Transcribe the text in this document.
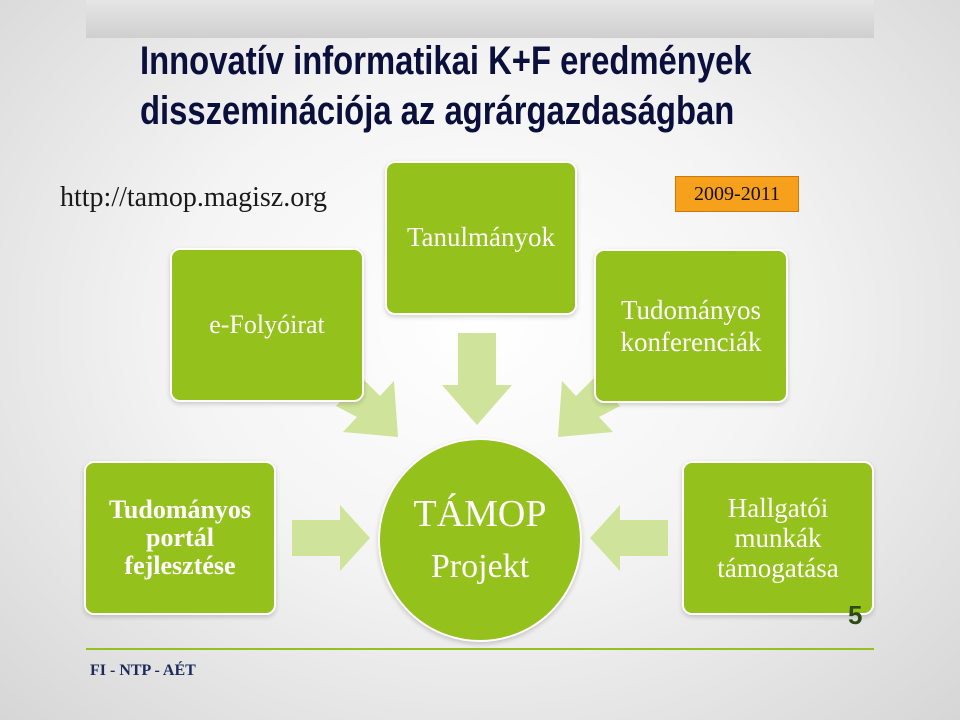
Innovatív informatikai K+F eredmények
disszeminációja az agrárgazdaságban
http://tamop.magisz.org	2009-2011
Tanulmányok
e-Folyóirat	Tudományos
konferenciák
Tudományos
portál
fejlesztése
Hallgatói
munkák
támogatása
TÁMOP
Projekt
5
FI - NTP - AÉT
